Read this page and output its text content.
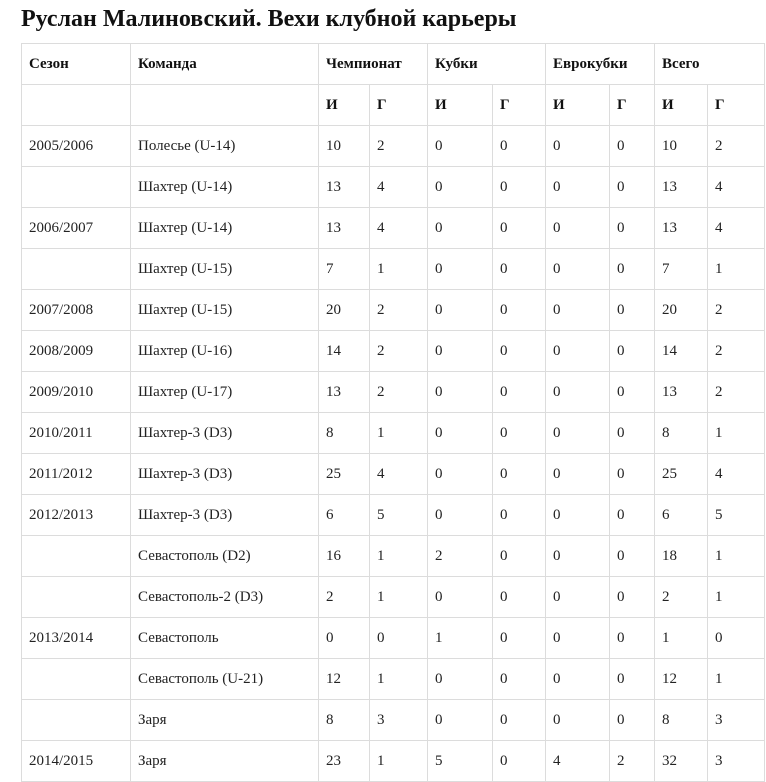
Руслан Малиновский. Вехи клубной карьеры
Сезон	Команда	Чемпионат		Кубки		Еврокубки		Всего	
		И	Г	И	Г	И	Г	И	Г
2005/2006	Полесье (U-14)	10	2	0	0	0	0	10	2
	Шахтер (U-14)	13	4	0	0	0	0	13	4
2006/2007	Шахтер (U-14)	13	4	0	0	0	0	13	4
	Шахтер (U-15)	7	1	0	0	0	0	7	1
2007/2008	Шахтер (U-15)	20	2	0	0	0	0	20	2
2008/2009	Шахтер (U-16)	14	2	0	0	0	0	14	2
2009/2010	Шахтер (U-17)	13	2	0	0	0	0	13	2
2010/2011	Шахтер-3 (D3)	8	1	0	0	0	0	8	1
2011/2012	Шахтер-3 (D3)	25	4	0	0	0	0	25	4
2012/2013	Шахтер-3 (D3)	6	5	0	0	0	0	6	5
	Севастополь (D2)	16	1	2	0	0	0	18	1
	Севастополь-2 (D3)	2	1	0	0	0	0	2	1
2013/2014	Севастополь	0	0	1	0	0	0	1	0
	Севастополь (U-21)	12	1	0	0	0	0	12	1
	Заря	8	3	0	0	0	0	8	3
2014/2015	Заря	23	1	5	0	4	2	32	3
